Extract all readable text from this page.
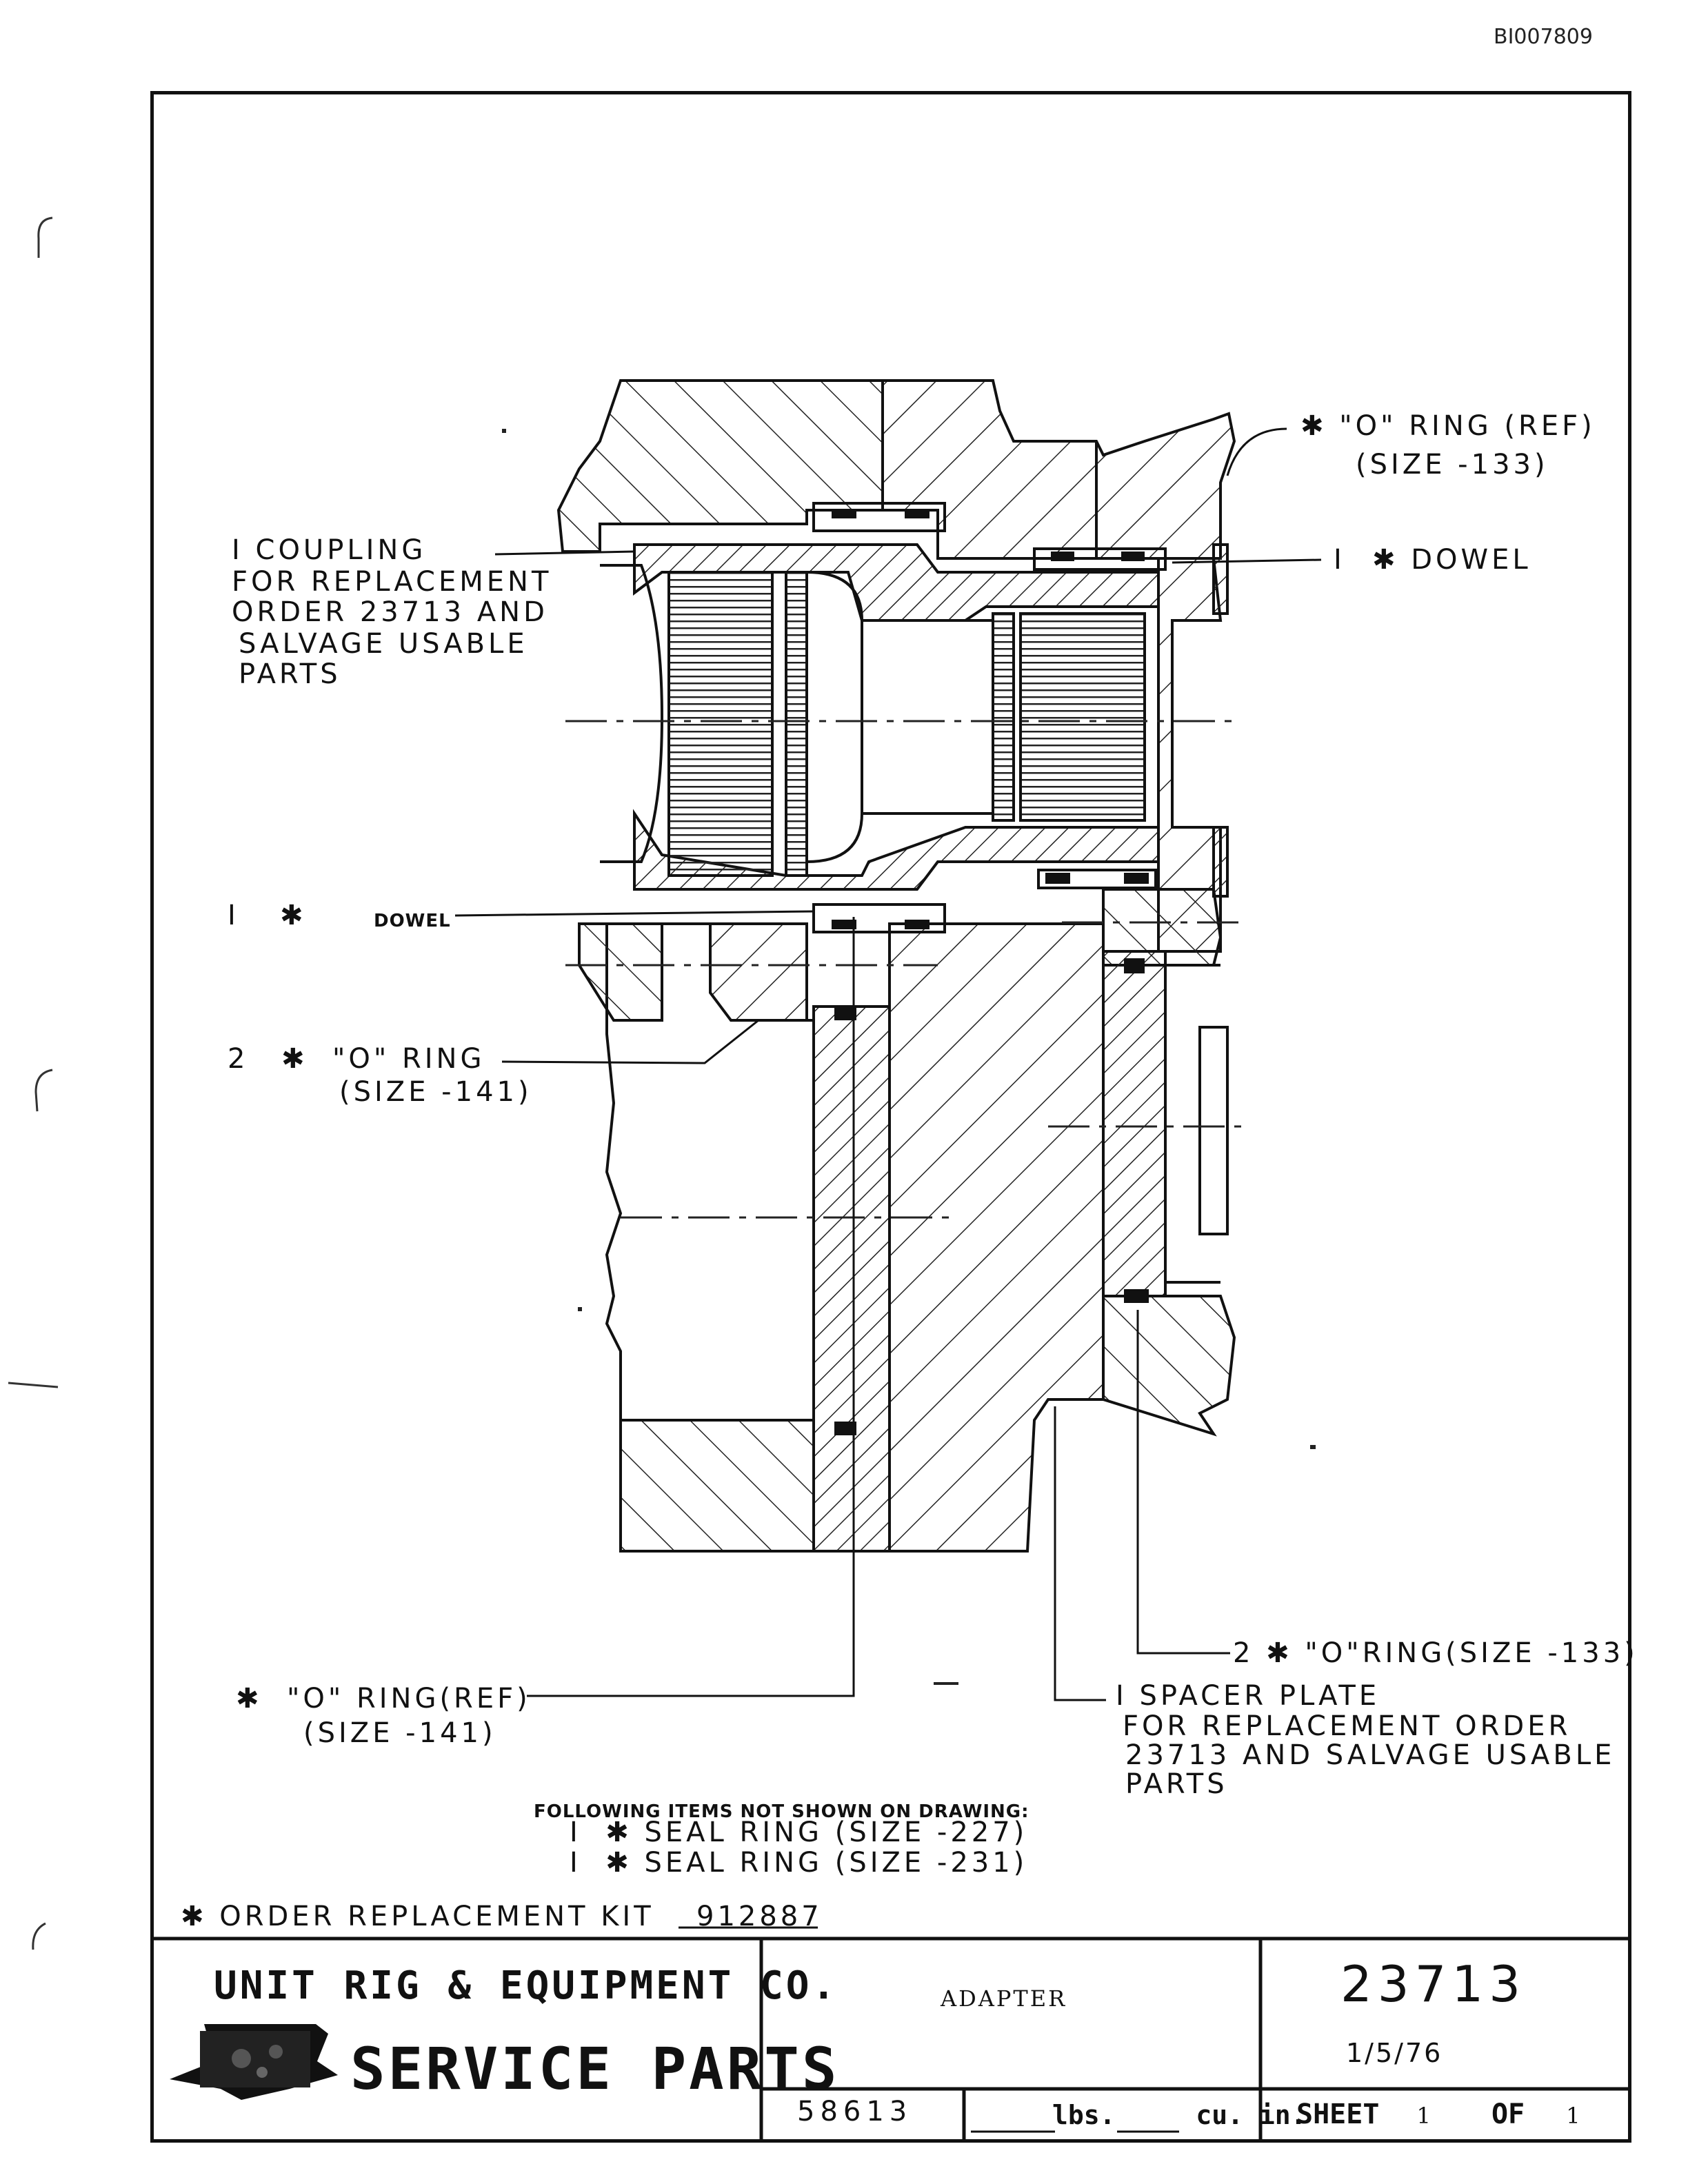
BI007809
✱ "O" RING (REF)
(SIZE -133)
I COUPLING
FOR REPLACEMENT
ORDER 23713 AND
SALVAGE USABLE
PARTS
I ✱ DOWEL
I ✱	DOWEL
2 ✱  "O" RING
(SIZE -141)
2 ✱ "O"RING(SIZE -133)
✱  "O" RING(REF)
(SIZE -141)
I SPACER PLATE
FOR REPLACEMENT ORDER
23713 AND SALVAGE USABLE
PARTS
FOLLOWING ITEMS NOT SHOWN ON DRAWING:
I  ✱ SEAL RING (SIZE -227)
I  ✱ SEAL RING (SIZE -231)
✱ ORDER REPLACEMENT KIT 912887
UNIT RIG & EQUIPMENT CO.
SERVICE PARTS
ADAPTER	23713
1/5/76
58613	lbs.	cu. in.
SHEET 1 OF 1
